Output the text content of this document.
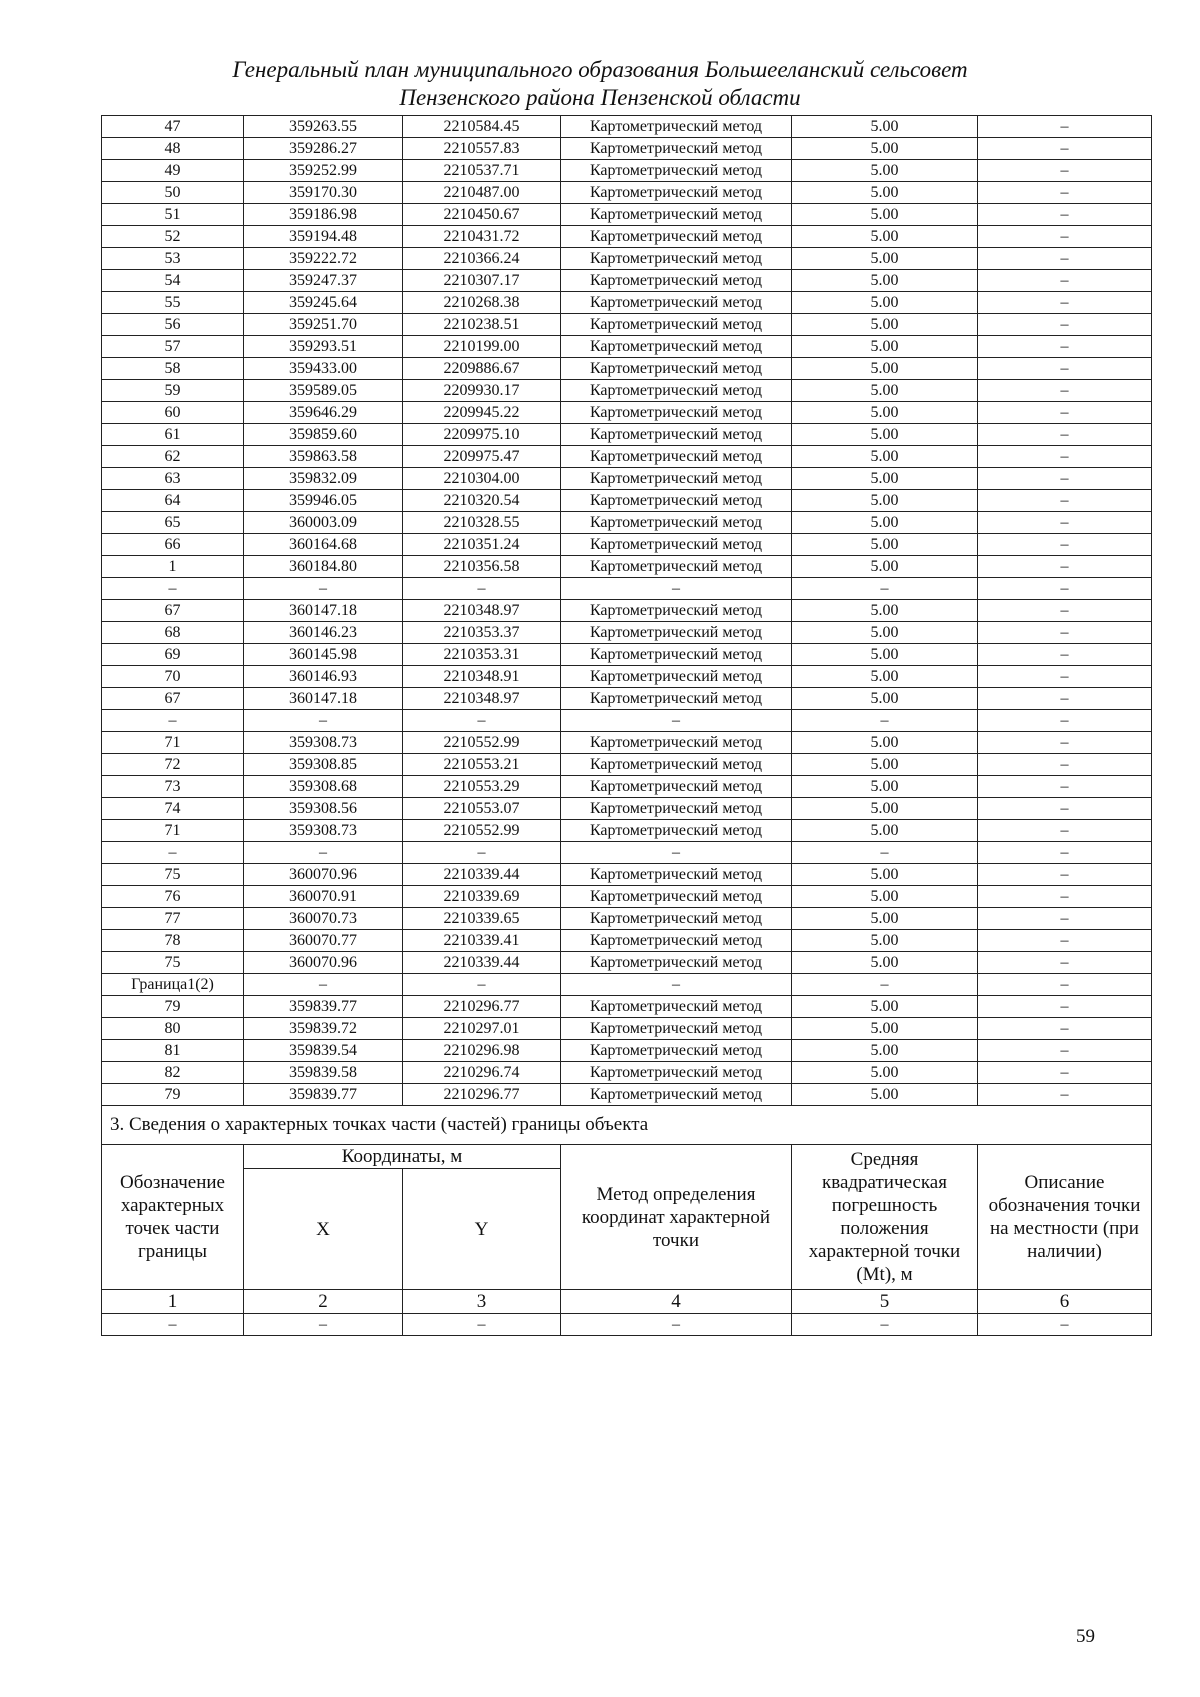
Генеральный план муниципального образования Большееланский сельсовет
Пензенского района Пензенской области
47	359263.55	2210584.45	Картометрический метод	5.00	–
48	359286.27	2210557.83	Картометрический метод	5.00	–
49	359252.99	2210537.71	Картометрический метод	5.00	–
50	359170.30	2210487.00	Картометрический метод	5.00	–
51	359186.98	2210450.67	Картометрический метод	5.00	–
52	359194.48	2210431.72	Картометрический метод	5.00	–
53	359222.72	2210366.24	Картометрический метод	5.00	–
54	359247.37	2210307.17	Картометрический метод	5.00	–
55	359245.64	2210268.38	Картометрический метод	5.00	–
56	359251.70	2210238.51	Картометрический метод	5.00	–
57	359293.51	2210199.00	Картометрический метод	5.00	–
58	359433.00	2209886.67	Картометрический метод	5.00	–
59	359589.05	2209930.17	Картометрический метод	5.00	–
60	359646.29	2209945.22	Картометрический метод	5.00	–
61	359859.60	2209975.10	Картометрический метод	5.00	–
62	359863.58	2209975.47	Картометрический метод	5.00	–
63	359832.09	2210304.00	Картометрический метод	5.00	–
64	359946.05	2210320.54	Картометрический метод	5.00	–
65	360003.09	2210328.55	Картометрический метод	5.00	–
66	360164.68	2210351.24	Картометрический метод	5.00	–
1	360184.80	2210356.58	Картометрический метод	5.00	–
–	–	–	–	–	–
67	360147.18	2210348.97	Картометрический метод	5.00	–
68	360146.23	2210353.37	Картометрический метод	5.00	–
69	360145.98	2210353.31	Картометрический метод	5.00	–
70	360146.93	2210348.91	Картометрический метод	5.00	–
67	360147.18	2210348.97	Картометрический метод	5.00	–
–	–	–	–	–	–
71	359308.73	2210552.99	Картометрический метод	5.00	–
72	359308.85	2210553.21	Картометрический метод	5.00	–
73	359308.68	2210553.29	Картометрический метод	5.00	–
74	359308.56	2210553.07	Картометрический метод	5.00	–
71	359308.73	2210552.99	Картометрический метод	5.00	–
–	–	–	–	–	–
75	360070.96	2210339.44	Картометрический метод	5.00	–
76	360070.91	2210339.69	Картометрический метод	5.00	–
77	360070.73	2210339.65	Картометрический метод	5.00	–
78	360070.77	2210339.41	Картометрический метод	5.00	–
75	360070.96	2210339.44	Картометрический метод	5.00	–
Граница1(2)	–	–	–	–	–
79	359839.77	2210296.77	Картометрический метод	5.00	–
80	359839.72	2210297.01	Картометрический метод	5.00	–
81	359839.54	2210296.98	Картометрический метод	5.00	–
82	359839.58	2210296.74	Картометрический метод	5.00	–
79	359839.77	2210296.77	Картометрический метод	5.00	–
3. Сведения о характерных точках части (частей) границы объекта					
Обозначение характерных точек части границы	Координаты, м		Метод определения координат характерной точки	Средняя квадратическая погрешность положения характерной точки (Mt), м	Описание обозначения точки на местности (при наличии)
	X	Y			
1	2	3	4	5	6
–	–	–	–	–	–
59
